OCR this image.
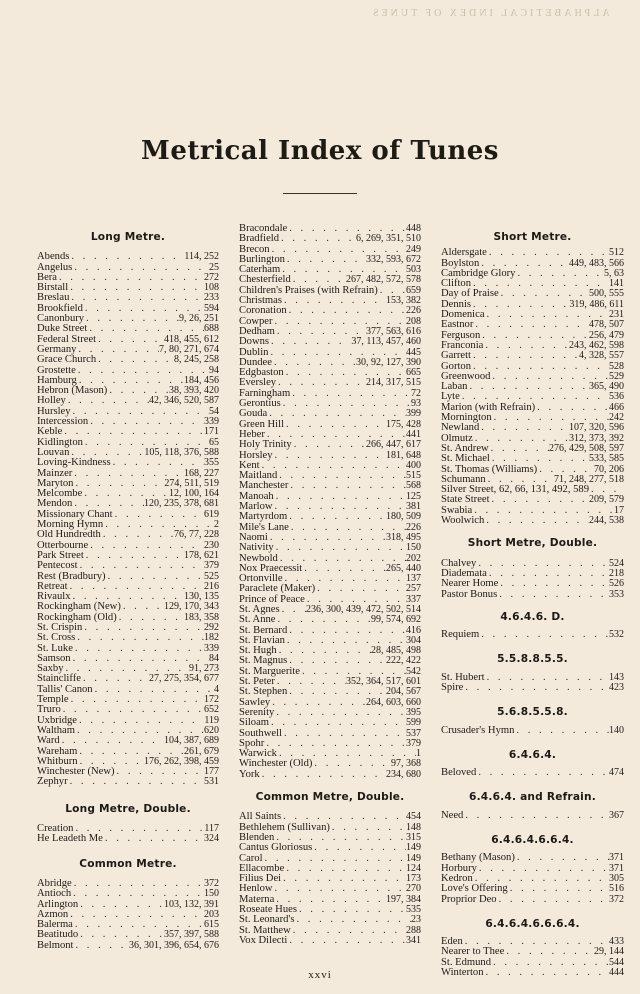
ALPHABETICAL INDEX OF TUNES
Metrical Index of Tunes
Long Metre.
Abends . . .	114, 252
Angelus . . .	25
Bera . . .	272
Birstall . . .	108
Breslau . . .	233
Brookfield . . .	594
Canonbury . . .	9, 26, 251
Duke Street . . .	688
Federal Street . . .	418, 455, 612
Germany . . .	7, 80, 271, 674
Grace Church . . .	8, 245, 258
Grostette . . .	94
Hamburg . . .	184, 456
Hebron (Mason) . . .	38, 393, 420
Holley . . .	42, 346, 520, 587
Hursley . . .	54
Intercession . . .	339
Keble . . .	171
Kidlington . . .	65
Louvan . . .	105, 118, 376, 588
Loving-Kindness . . .	355
Mainzer . . .	168, 227
Maryton . . .	274, 511, 519
Melcombe . . .	12, 100, 164
Mendon . . .	120, 235, 378, 681
Missionary Chant . . .	619
Morning Hymn . . .	2
Old Hundredth . . .	76, 77, 228
Otterbourne . . .	230
Park Street . . .	178, 621
Pentecost . . .	379
Rest (Bradbury) . . .	525
Retreat . . .	216
Rivaulx . . .	130, 135
Rockingham (New) . . .	129, 170, 343
Rockingham (Old) . . .	183, 358
St. Crispin . . .	292
St. Cross . . .	182
St. Luke . . .	339
Samson . . .	84
Saxby . . .	91, 273
Staincliffe . . .	27, 275, 354, 677
Tallis' Canon . . .	4
Temple . . .	172
Truro . . .	652
Uxbridge . . .	119
Waltham . . .	620
Ward . . .	104, 387, 689
Wareham . . .	261, 679
Whitburn . . .	176, 262, 398, 459
Winchester (New) . . .	177
Zephyr . . .	531
Long Metre, Double.
Creation . . .	117
He Leadeth Me . . .	324
Common Metre.
Abridge . . .	372
Antioch . . .	150
Arlington . . .	103, 132, 391
Azmon . . .	203
Balerma . . .	615
Beatitudo . . .	357, 397, 588
Belmont . . .	36, 301, 396, 654, 676
Bracondale . . .	448
Bradfield . . .	6, 269, 351, 510
Brecon . . .	249
Burlington . . .	332, 593, 672
Caterham . . .	503
Chesterfield . . .	267, 482, 572, 578
Children's Praises (with Refrain) . . .	659
Christmas . . .	153, 382
Coronation . . .	226
Cowper . . .	208
Dedham . . .	377, 563, 616
Downs . . .	37, 113, 457, 460
Dublin . . .	445
Dundee . . .	30, 92, 127, 390
Edgbaston . . .	665
Eversley . . .	214, 317, 515
Farningham . . .	72
Gerontius . . .	93
Gouda . . .	399
Green Hill . . .	175, 428
Heber . . .	441
Holy Trinity . . .	266, 447, 617
Horsley . . .	181, 648
Kent . . .	400
Maitland . . .	515
Manchester . . .	568
Manoah . . .	125
Marlow . . .	381
Martyrdom . . .	180, 509
Mile's Lane . . .	226
Naomi . . .	318, 495
Nativity . . .	150
Newbold . . .	202
Nox Praecessit . . .	265, 440
Ortonville . . .	137
Paraclete (Maker) . . .	257
Prince of Peace . . .	337
St. Agnes . . .	236, 300, 439, 472, 502, 514
St. Anne . . .	99, 574, 692
St. Bernard . . .	416
St. Flavian . . .	304
St. Hugh . . .	28, 485, 498
St. Magnus . . .	222, 422
St. Marguerite . . .	542
St. Peter . . .	352, 364, 517, 601
St. Stephen . . .	204, 567
Sawley . . .	264, 603, 660
Serenity . . .	395
Siloam . . .	599
Southwell . . .	537
Spohr . . .	379
Warwick . . .	1
Winchester (Old) . . .	97, 368
York . . .	234, 680
Common Metre, Double.
All Saints . . .	454
Bethlehem (Sullivan) . . .	148
Blenden . . .	315
Cantus Gloriosus . . .	149
Carol . . .	149
Ellacombe . . .	124
Filius Dei . . .	173
Henlow . . .	270
Materna . . .	197, 384
Roseate Hues . . .	535
St. Leonard's . . .	23
St. Matthew . . .	288
Vox Dilecti . . .	341
Short Metre.
Aldersgate . . .	512
Boylston . . .	449, 483, 566
Cambridge Glory . . .	5, 63
Clifton . . .	141
Day of Praise . . .	500, 555
Dennis . . .	319, 486, 611
Domenica . . .	231
Eastnor . . .	478, 507
Ferguson . . .	256, 479
Franconia . . .	243, 462, 598
Garrett . . .	4, 328, 557
Gorton . . .	528
Greenwood . . .	529
Laban . . .	365, 490
Lyte . . .	536
Marion (with Refrain) . . .	466
Mornington . . .	242
Newland . . .	107, 320, 596
Olmutz . . .	312, 373, 392
St. Andrew . . .	276, 429, 508, 597
St. Michael . . .	533, 585
St. Thomas (Williams) . . .	70, 206
Schumann . . .	71, 248, 277, 518
Silver Street, 62, 66, 131, 492, 589
. . .
State Street . . .	209, 579
Swabia . . .	17
Woolwich . . .	244, 538
Short Metre, Double.
Chalvey . . .	524
Diademata . . .	218
Nearer Home . . .	526
Pastor Bonus . . .	353
4.6.4.6. D.
Requiem . . .	532
5.5.8.8.5.5.
St. Hubert . . .	143
Spire . . .	423
5.6.8.5.5.8.
Crusader's Hymn . . .	140
6.4.6.4.
Beloved . . .	474
6.4.6.4. and Refrain.
Need . . .	367
6.4.6.4.6.6.4.
Bethany (Mason) . . .	371
Horbury . . .	371
Kedron . . .	305
Love's Offering . . .	516
Proprior Deo . . .	372
6.4.6.4.6.6.6.4.
Eden . . .	433
Nearer to Thee . . .	29, 144
St. Edmund . . .	544
Winterton . . .	444
xxvi
